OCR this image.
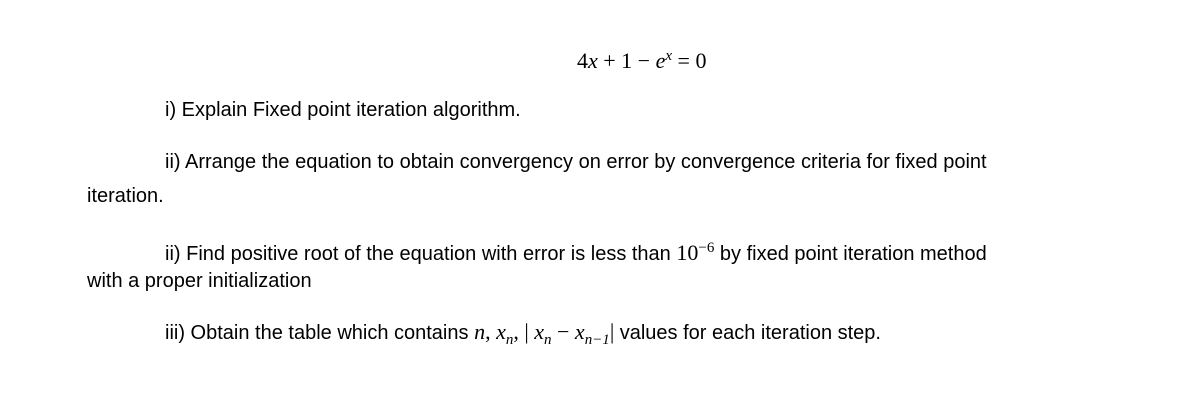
$4x + 1 - e^x = 0$
i) Explain Fixed point iteration algorithm.
ii) Arrange the equation to obtain convergency on error by convergence criteria for fixed point
iteration.
ii) Find positive root of the equation with error is less than $10^{-6}$ by fixed point iteration method
with a proper initialization
iii) Obtain the table which contains n, $x_n$, | $x_n - x_{n-1}|$ values for each iteration step.
